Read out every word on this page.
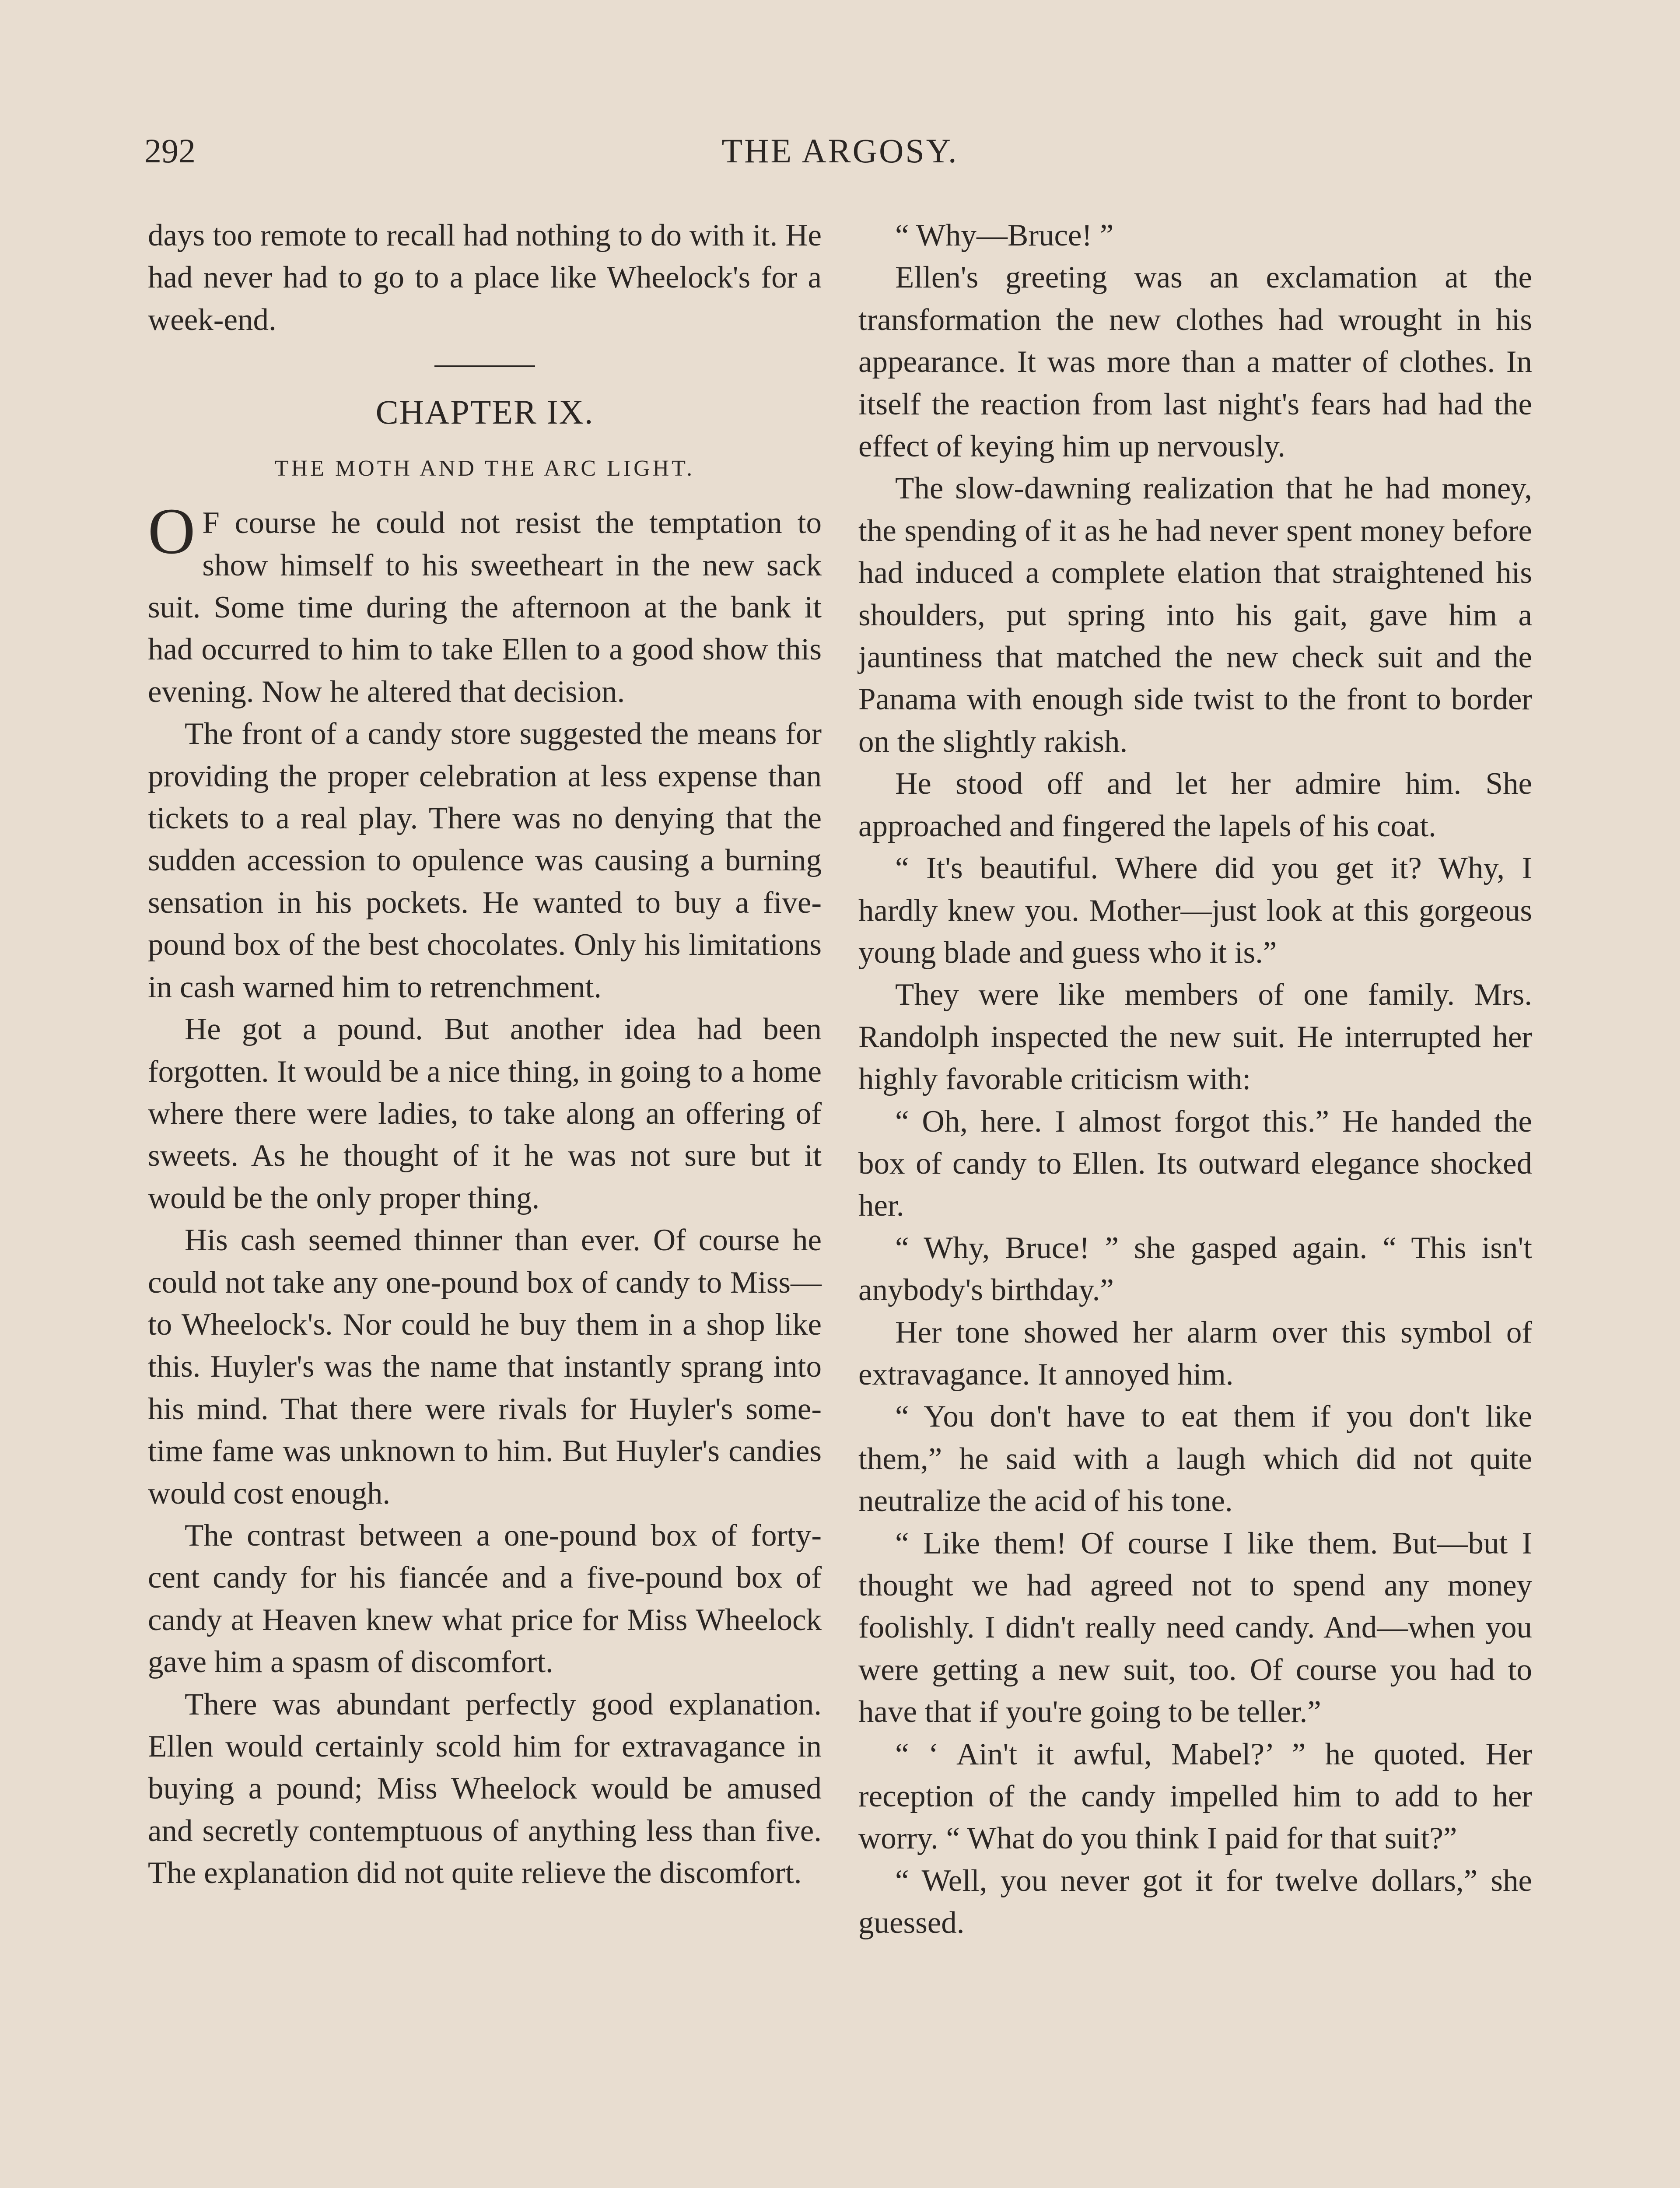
292	THE ARGOSY.

days too remote to recall had nothing to do with it. He had never had to go to a place like Wheelock's for a week-end.

CHAPTER IX.
THE MOTH AND THE ARC LIGHT.

O F course he could not resist the temptation to show himself to his sweetheart in the new sack suit. Some time during the afternoon at the bank it had occurred to him to take Ellen to a good show this evening. Now he altered that decision.

The front of a candy store suggested the means for providing the proper celebration at less expense than tickets to a real play. There was no denying that the sudden accession to opulence was causing a burning sensation in his pockets. He wanted to buy a five-pound box of the best chocolates. Only his limitations in cash warned him to retrenchment.

He got a pound. But another idea had been forgotten. It would be a nice thing, in going to a home where there were ladies, to take along an offering of sweets. As he thought of it he was not sure but it would be the only proper thing.

His cash seemed thinner than ever. Of course he could not take any one-pound box of candy to Miss—to Wheelock's. Nor could he buy them in a shop like this. Huyler's was the name that instantly sprang into his mind. That there were rivals for Huyler's some-time fame was unknown to him. But Huyler's candies would cost enough.

The contrast between a one-pound box of forty-cent candy for his fiancée and a five-pound box of candy at Heaven knew what price for Miss Wheelock gave him a spasm of discomfort.

There was abundant perfectly good explanation. Ellen would certainly scold him for extravagance in buying a pound; Miss Wheelock would be amused and secretly contemptuous of anything less than five. The explanation did not quite relieve the discomfort.

“ Why—Bruce! ”

Ellen's greeting was an exclamation at the transformation the new clothes had wrought in his appearance. It was more than a matter of clothes. In itself the reaction from last night's fears had had the effect of keying him up nervously.

The slow-dawning realization that he had money, the spending of it as he had never spent money before had induced a complete elation that straightened his shoulders, put spring into his gait, gave him a jauntiness that matched the new check suit and the Panama with enough side twist to the front to border on the slightly rakish.

He stood off and let her admire him. She approached and fingered the lapels of his coat.

“ It's beautiful. Where did you get it? Why, I hardly knew you. Mother—just look at this gorgeous young blade and guess who it is.”

They were like members of one family. Mrs. Randolph inspected the new suit. He interrupted her highly favorable criticism with:

“ Oh, here. I almost forgot this.” He handed the box of candy to Ellen. Its outward elegance shocked her.

“ Why, Bruce! ” she gasped again. “ This isn't anybody's birthday.”

Her tone showed her alarm over this symbol of extravagance. It annoyed him.

“ You don't have to eat them if you don't like them,” he said with a laugh which did not quite neutralize the acid of his tone.

“ Like them! Of course I like them. But—but I thought we had agreed not to spend any money foolishly. I didn't really need candy. And—when you were getting a new suit, too. Of course you had to have that if you're going to be teller.”

“ ‘ Ain't it awful, Mabel?’ ” he quoted. Her reception of the candy impelled him to add to her worry. “ What do you think I paid for that suit?”

“ Well, you never got it for twelve dollars,” she guessed.
